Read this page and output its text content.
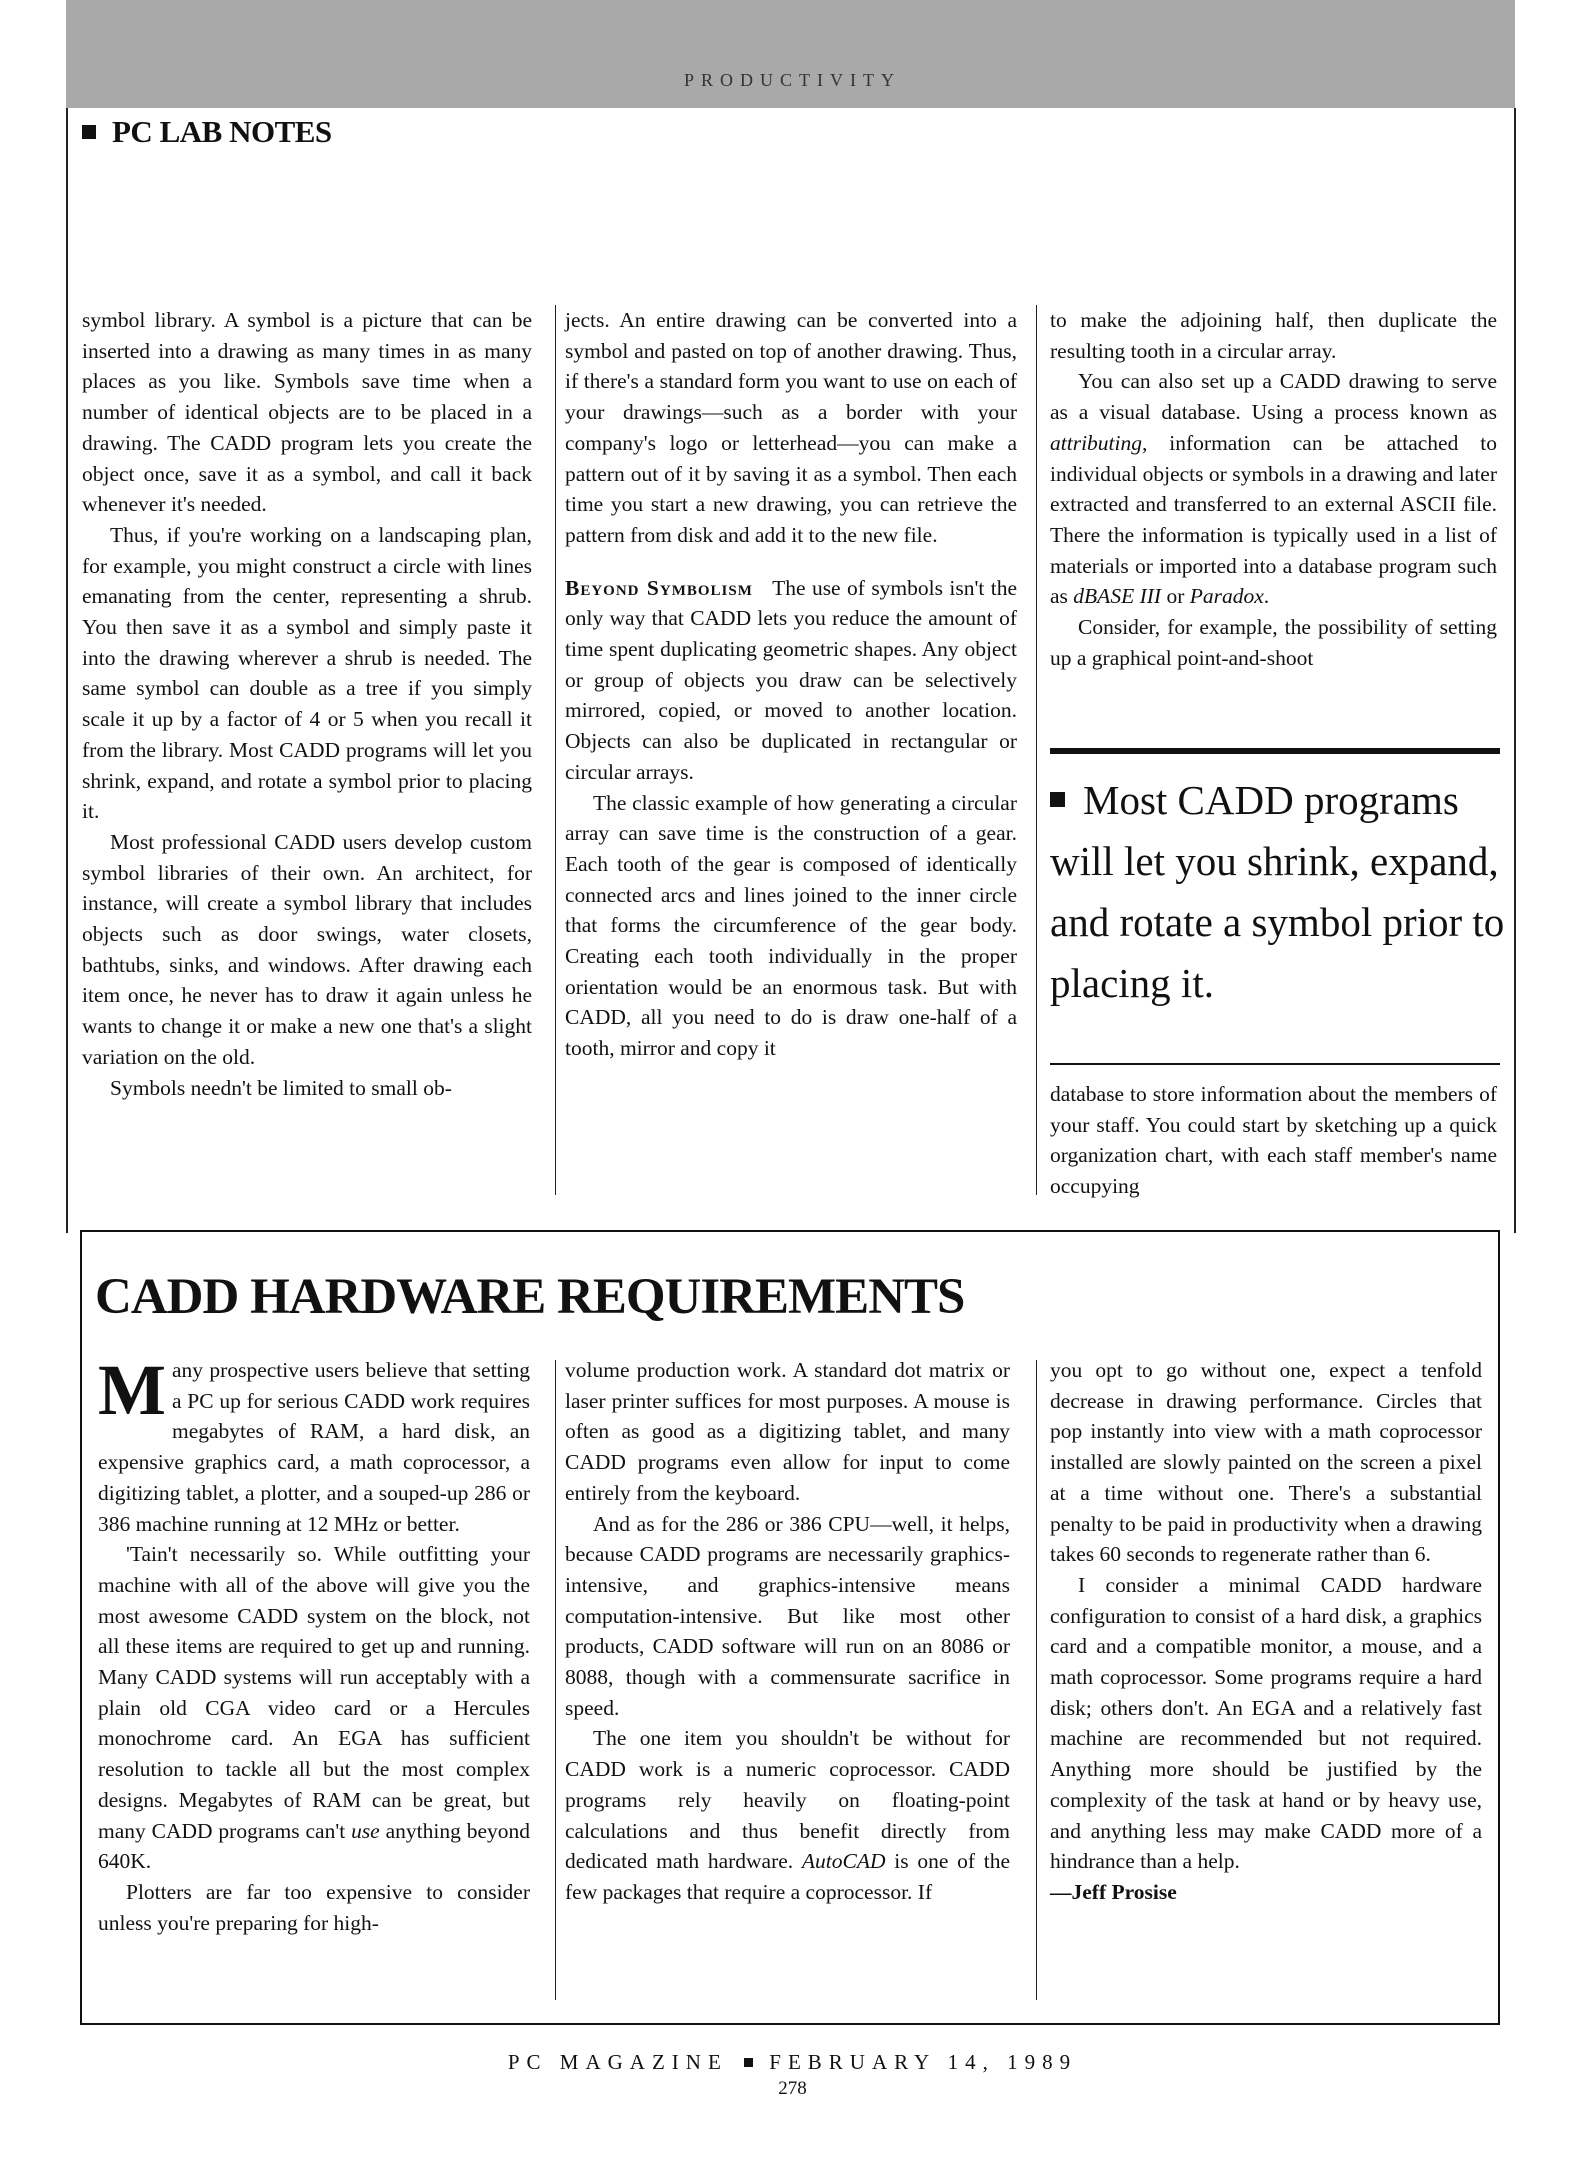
PRODUCTIVITY
PC LAB NOTES

symbol library. A symbol is a picture that can be inserted into a drawing as many times in as many places as you like. Symbols save time when a number of identical objects are to be placed in a drawing. The CADD program lets you create the object once, save it as a symbol, and call it back whenever it's needed.

Thus, if you're working on a landscaping plan, for example, you might construct a circle with lines emanating from the center, representing a shrub. You then save it as a symbol and simply paste it into the drawing wherever a shrub is needed. The same symbol can double as a tree if you simply scale it up by a factor of 4 or 5 when you recall it from the library. Most CADD programs will let you shrink, expand, and rotate a symbol prior to placing it.

Most professional CADD users develop custom symbol libraries of their own. An architect, for instance, will create a symbol library that includes objects such as door swings, water closets, bathtubs, sinks, and windows. After drawing each item once, he never has to draw it again unless he wants to change it or make a new one that's a slight variation on the old.

Symbols needn't be limited to small ob-

jects. An entire drawing can be converted into a symbol and pasted on top of another drawing. Thus, if there's a standard form you want to use on each of your drawings—such as a border with your company's logo or letterhead—you can make a pattern out of it by saving it as a symbol. Then each time you start a new drawing, you can retrieve the pattern from disk and add it to the new file.

Beyond Symbolism The use of symbols isn't the only way that CADD lets you reduce the amount of time spent duplicating geometric shapes. Any object or group of objects you draw can be selectively mirrored, copied, or moved to another location. Objects can also be duplicated in rectangular or circular arrays.

The classic example of how generating a circular array can save time is the construction of a gear. Each tooth of the gear is composed of identically connected arcs and lines joined to the inner circle that forms the circumference of the gear body. Creating each tooth individually in the proper orientation would be an enormous task. But with CADD, all you need to do is draw one-half of a tooth, mirror and copy it

to make the adjoining half, then duplicate the resulting tooth in a circular array.

You can also set up a CADD drawing to serve as a visual database. Using a process known as attributing, information can be attached to individual objects or symbols in a drawing and later extracted and transferred to an external ASCII file. There the information is typically used in a list of materials or imported into a database program such as dBASE III or Paradox.

Consider, for example, the possibility of setting up a graphical point-and-shoot

Most CADD programs will let you shrink, expand, and rotate a symbol prior to placing it.

database to store information about the members of your staff. You could start by sketching up a quick organization chart, with each staff member's name occupying

CADD HARDWARE REQUIREMENTS

Many prospective users believe that setting a PC up for serious CADD work requires megabytes of RAM, a hard disk, an expensive graphics card, a math coprocessor, a digitizing tablet, a plotter, and a souped-up 286 or 386 machine running at 12 MHz or better.

'Tain't necessarily so. While outfitting your machine with all of the above will give you the most awesome CADD system on the block, not all these items are required to get up and running. Many CADD systems will run acceptably with a plain old CGA video card or a Hercules monochrome card. An EGA has sufficient resolution to tackle all but the most complex designs. Megabytes of RAM can be great, but many CADD programs can't use anything beyond 640K.

Plotters are far too expensive to consider unless you're preparing for high-

volume production work. A standard dot matrix or laser printer suffices for most purposes. A mouse is often as good as a digitizing tablet, and many CADD programs even allow for input to come entirely from the keyboard.

And as for the 286 or 386 CPU—well, it helps, because CADD programs are necessarily graphics-intensive, and graphics-intensive means computation-intensive. But like most other products, CADD software will run on an 8086 or 8088, though with a commensurate sacrifice in speed.

The one item you shouldn't be without for CADD work is a numeric coprocessor. CADD programs rely heavily on floating-point calculations and thus benefit directly from dedicated math hardware. AutoCAD is one of the few packages that require a coprocessor. If

you opt to go without one, expect a tenfold decrease in drawing performance. Circles that pop instantly into view with a math coprocessor installed are slowly painted on the screen a pixel at a time without one. There's a substantial penalty to be paid in productivity when a drawing takes 60 seconds to regenerate rather than 6.

I consider a minimal CADD hardware configuration to consist of a hard disk, a graphics card and a compatible monitor, a mouse, and a math coprocessor. Some programs require a hard disk; others don't. An EGA and a relatively fast machine are recommended but not required. Anything more should be justified by the complexity of the task at hand or by heavy use, and anything less may make CADD more of a hindrance than a help.

—Jeff Prosise

PC MAGAZINE FEBRUARY 14, 1989
278
